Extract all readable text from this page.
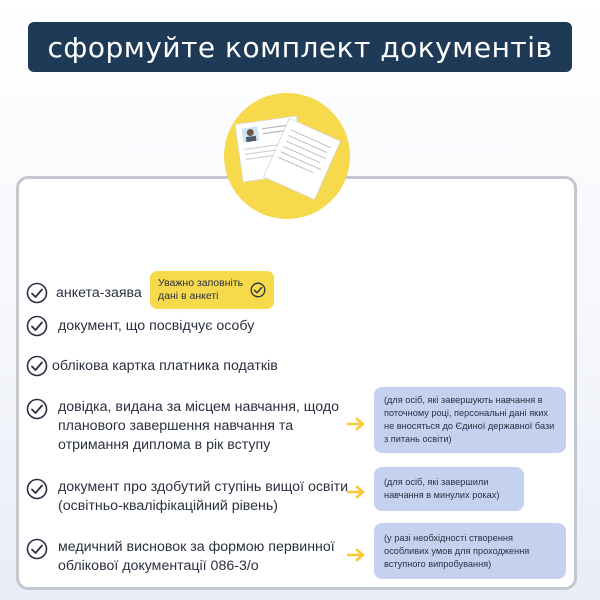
сформуйте комплект документів
анкета-заява
Уважно заповніть дані в анкеті
документ, що посвідчує особу
облікова картка платника податків
довідка, видана за місцем навчання, щодо планового завершення навчання та отримання диплома в рік вступу
(для осіб, які завершують навчання в поточному році, персональні дані яких не вносяться до Єдиної державної бази з питань освіти)
документ про здобутий ступінь вищої освіти (освітньо-кваліфікаційний рівень)
(для осіб, які завершили навчання в минулих роках)
медичний висновок за формою первинної облікової документації 086-3/о
(у разі необхідності створення особливих умов для проходження вступного випробування)
